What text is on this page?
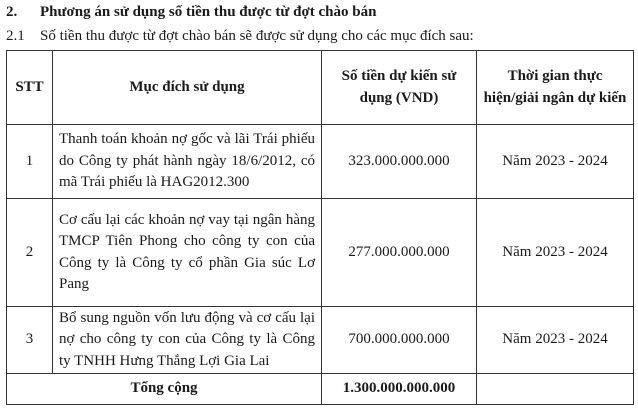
2. Phương án sử dụng số tiền thu được từ đợt chào bán
2.1 Số tiền thu được từ đợt chào bán sẽ được sử dụng cho các mục đích sau:
STT	Mục đích sử dụng	Số tiền dự kiến sử dụng (VND)	Thời gian thực hiện/giải ngân dự kiến
1	Thanh toán khoản nợ gốc và lãi Trái phiếu do Công ty phát hành ngày 18/6/2012, có mã Trái phiếu là HAG2012.300	323.000.000.000	Năm 2023 - 2024
2	Cơ cấu lại các khoản nợ vay tại ngân hàng TMCP Tiên Phong cho công ty con của Công ty là Công ty cổ phần Gia súc Lơ Pang	277.000.000.000	Năm 2023 - 2024
3	Bổ sung nguồn vốn lưu động và cơ cấu lại nợ cho công ty con của Công ty là Công ty TNHH Hưng Thắng Lợi Gia Lai	700.000.000.000	Năm 2023 - 2024
Tổng cộng		1.300.000.000.000	
